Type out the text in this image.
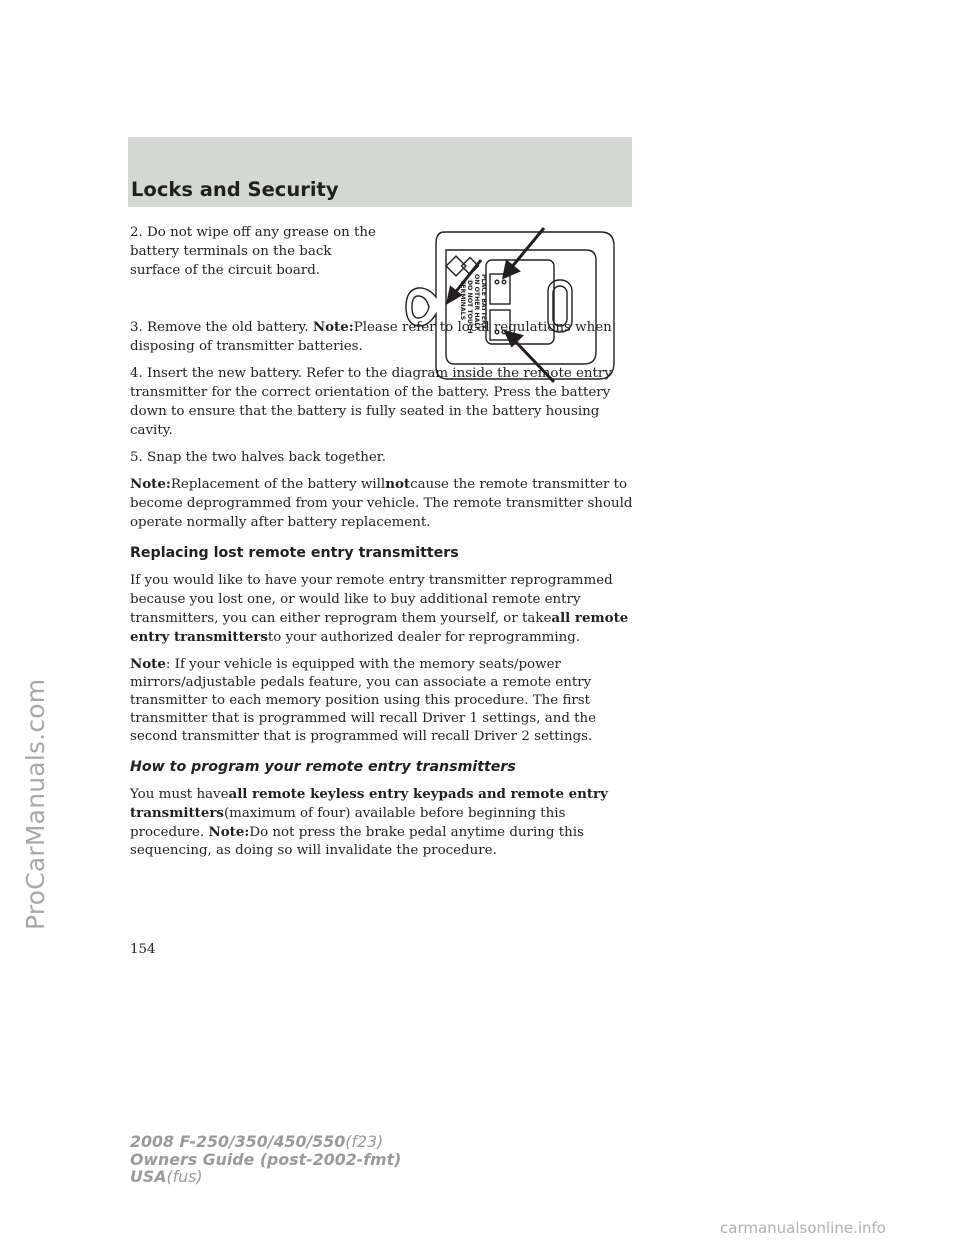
Locks and Security
PLACE BATTERY
ON OTHER HALF
DO NOT TOUCH
TERMINALS

2. Do not wipe off any grease on the battery terminals on the back surface of the circuit board.

3. Remove the old battery. Note:Please refer to local regulations when disposing of transmitter batteries.

4. Insert the new battery. Refer to the diagram inside the remote entry transmitter for the correct orientation of the battery. Press the battery down to ensure that the battery is fully seated in the battery housing cavity.

5. Snap the two halves back together.

Note:Replacement of the battery willnotcause the remote transmitter to become deprogrammed from your vehicle. The remote transmitter should operate normally after battery replacement.

Replacing lost remote entry transmitters

If you would like to have your remote entry transmitter reprogrammed because you lost one, or would like to buy additional remote entry transmitters, you can either reprogram them yourself, or takeall remote entry transmittersto your authorized dealer for reprogramming.

Note: If your vehicle is equipped with the memory seats/power mirrors/adjustable pedals feature, you can associate a remote entry transmitter to each memory position using this procedure. The first transmitter that is programmed will recall Driver 1 settings, and the second transmitter that is programmed will recall Driver 2 settings.

How to program your remote entry transmitters

You must haveall remote keyless entry keypads and remote entry transmitters(maximum of four) available before beginning this procedure. Note:Do not press the brake pedal anytime during this sequencing, as doing so will invalidate the procedure.

154
2008 F-250/350/450/550(f23)
Owners Guide (post-2002-fmt)
USA(fus)
ProCarManuals.com
carmanualsonline.info
